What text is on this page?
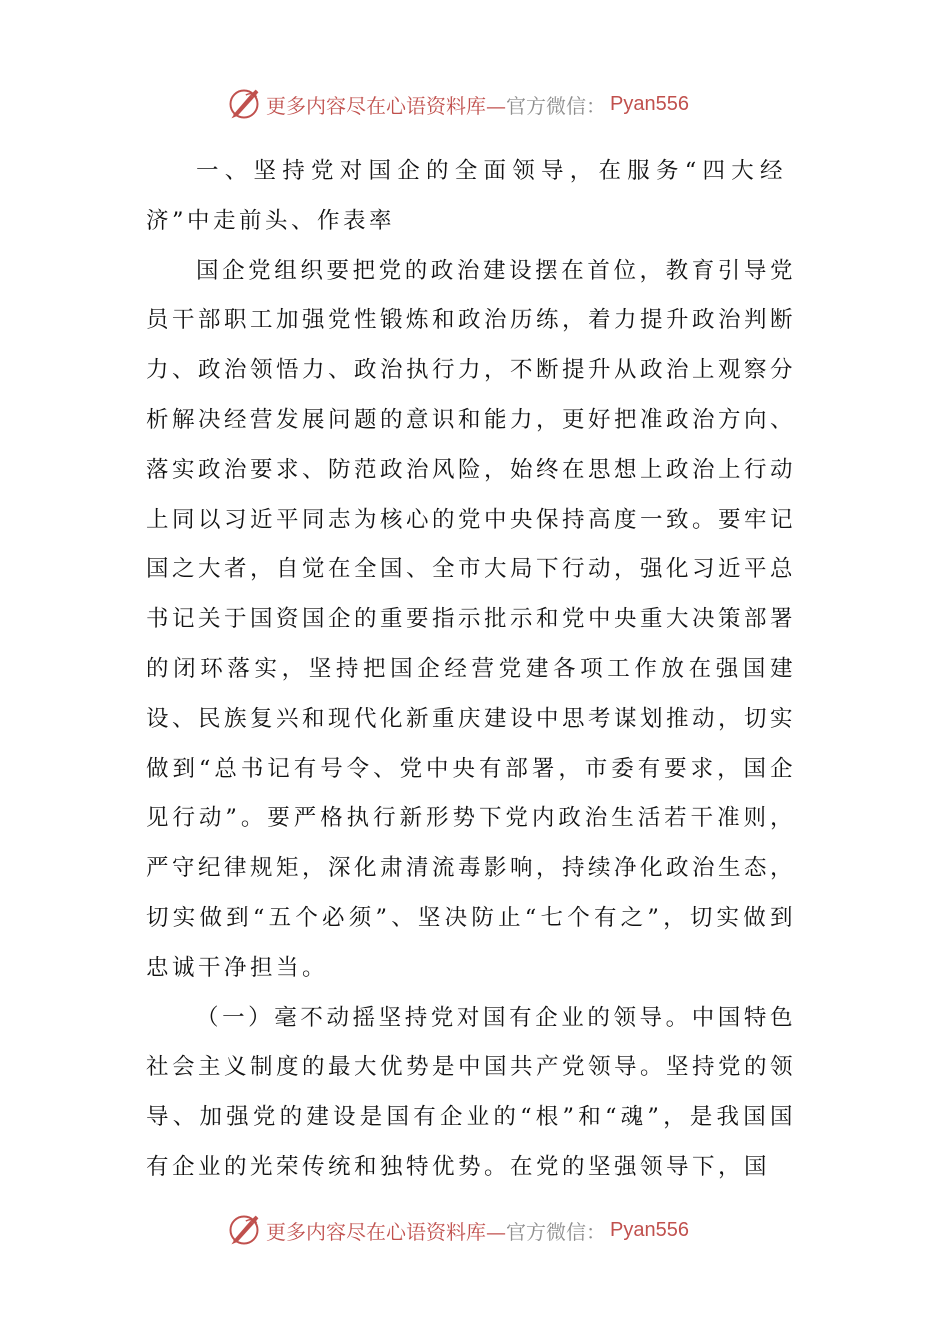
更多内容尽在心语资料库— 官方微信： Pyan556

一、坚持党对国企的全面领导，在服务“四大经济”中走前头、作表率

国企党组织要把党的政治建设摆在首位，教育引导党员干部职工加强党性锻炼和政治历练，着力提升政治判断力、政治领悟力、政治执行力，不断提升从政治上观察分析解决经营发展问题的意识和能力，更好把准政治方向、落实政治要求、防范政治风险，始终在思想上政治上行动上同以习近平同志为核心的党中央保持高度一致。要牢记国之大者，自觉在全国、全市大局下行动，强化习近平总书记关于国资国企的重要指示批示和党中央重大决策部署的闭环落实，坚持把国企经营党建各项工作放在强国建设、民族复兴和现代化新重庆建设中思考谋划推动，切实做到“总书记有号令、党中央有部署，市委有要求，国企见行动”。要严格执行新形势下党内政治生活若干准则，严守纪律规矩，深化肃清流毒影响，持续净化政治生态，切实做到“五个必须”、坚决防止“七个有之”，切实做到忠诚干净担当。

（一）毫不动摇坚持党对国有企业的领导。中国特色社会主义制度的最大优势是中国共产党领导。坚持党的领导、加强党的建设是国有企业的“根”和“魂”，是我国国有企业的光荣传统和独特优势。在党的坚强领导下，国

更多内容尽在心语资料库— 官方微信： Pyan556
